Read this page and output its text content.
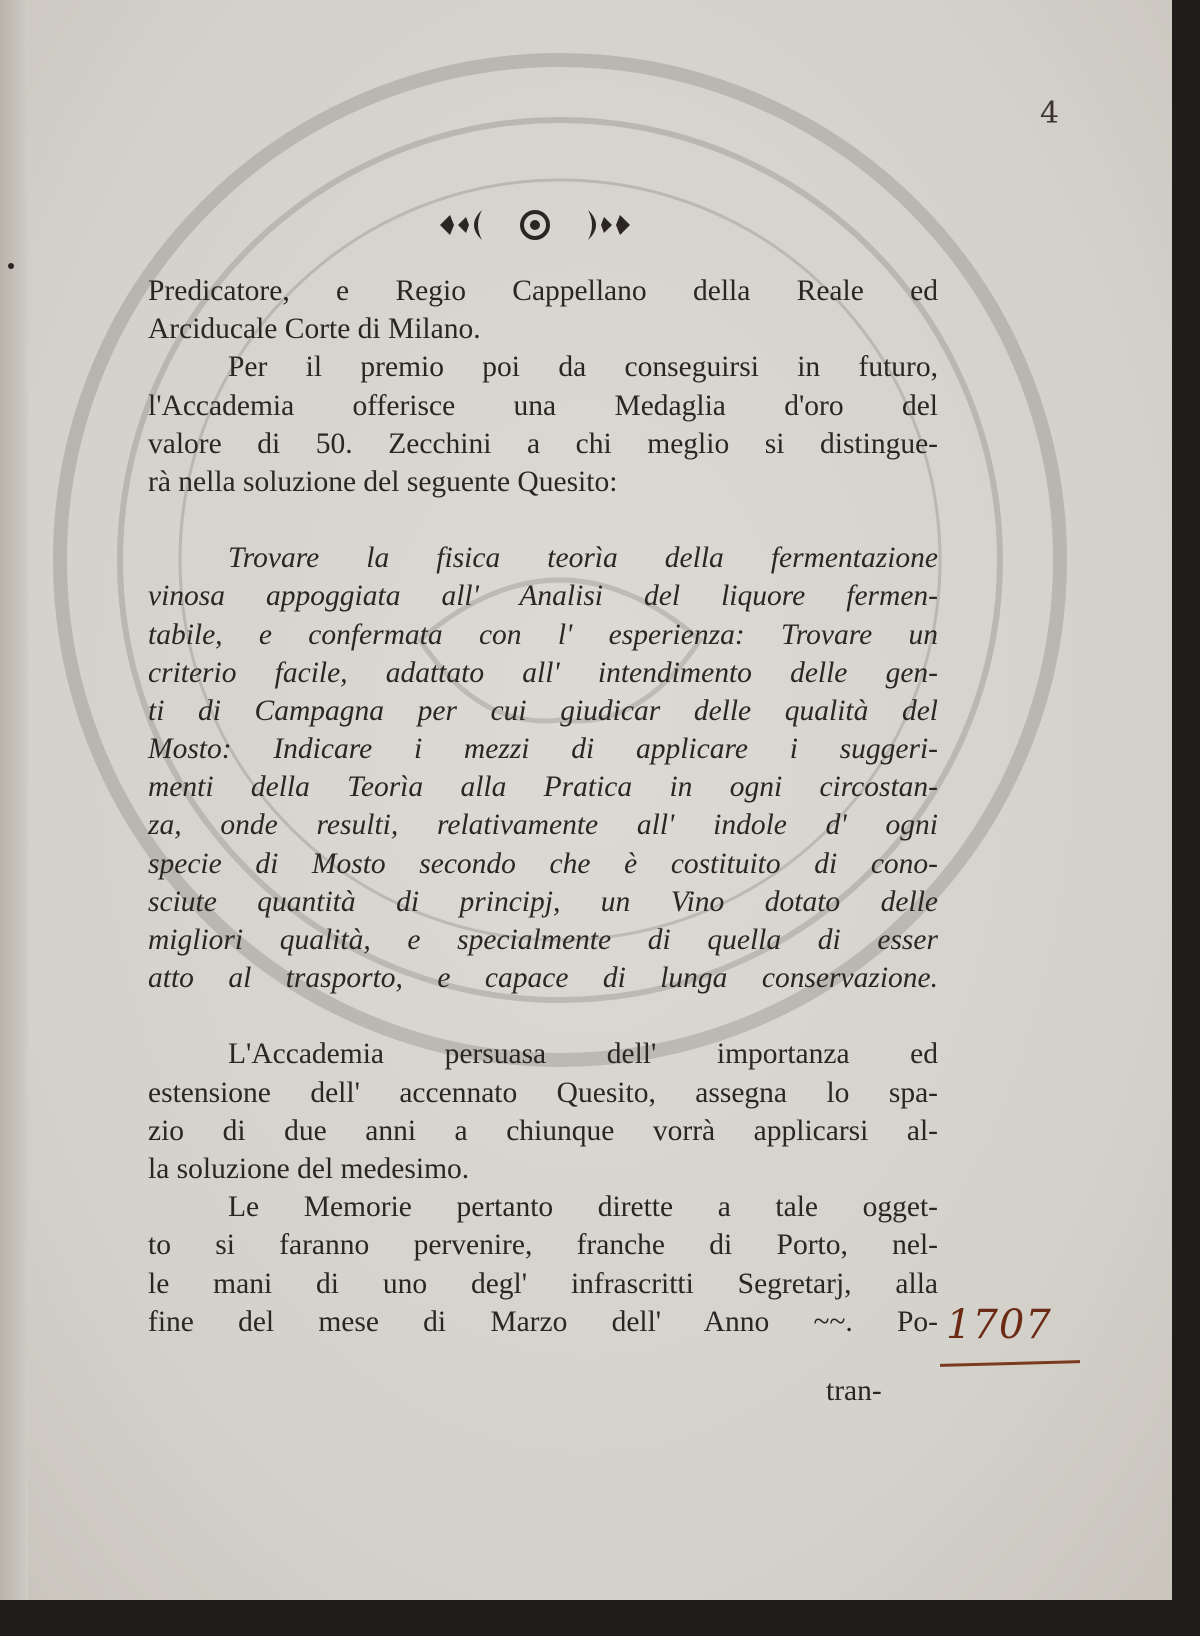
4
Predicatore, e Regio Cappellano della Reale ed
Arciducale Corte di Milano.
Per il premio poi da conseguirsi in futuro,
l'Accademia offerisce una Medaglia d'oro del
valore di 50. Zecchini a chi meglio si distingue-
rà nella soluzione del seguente Quesito:
Trovare la fisica teorìa della fermentazione
vinosa appoggiata all' Analisi del liquore fermen-
tabile, e confermata con l' esperienza: Trovare un
criterio facile, adattato all' intendimento delle gen-
ti di Campagna per cui giudicar delle qualità del
Mosto: Indicare i mezzi di applicare i suggeri-
menti della Teorìa alla Pratica in ogni circostan-
za, onde resulti, relativamente all' indole d' ogni
specie di Mosto secondo che è costituito di cono-
sciute quantità di principj, un Vino dotato delle
migliori qualità, e specialmente di quella di esser
atto al trasporto, e capace di lunga conservazione.
L'Accademia persuasa dell' importanza ed
estensione dell' accennato Quesito, assegna lo spa-
zio di due anni a chiunque vorrà applicarsi al-
la soluzione del medesimo.
Le Memorie pertanto dirette a tale ogget-
to si faranno pervenire, franche di Porto, nel-
le mani di uno degl' infrascritti Segretarj, alla
fine del mese di Marzo dell' Anno ~~. Po-
tran-
1707
